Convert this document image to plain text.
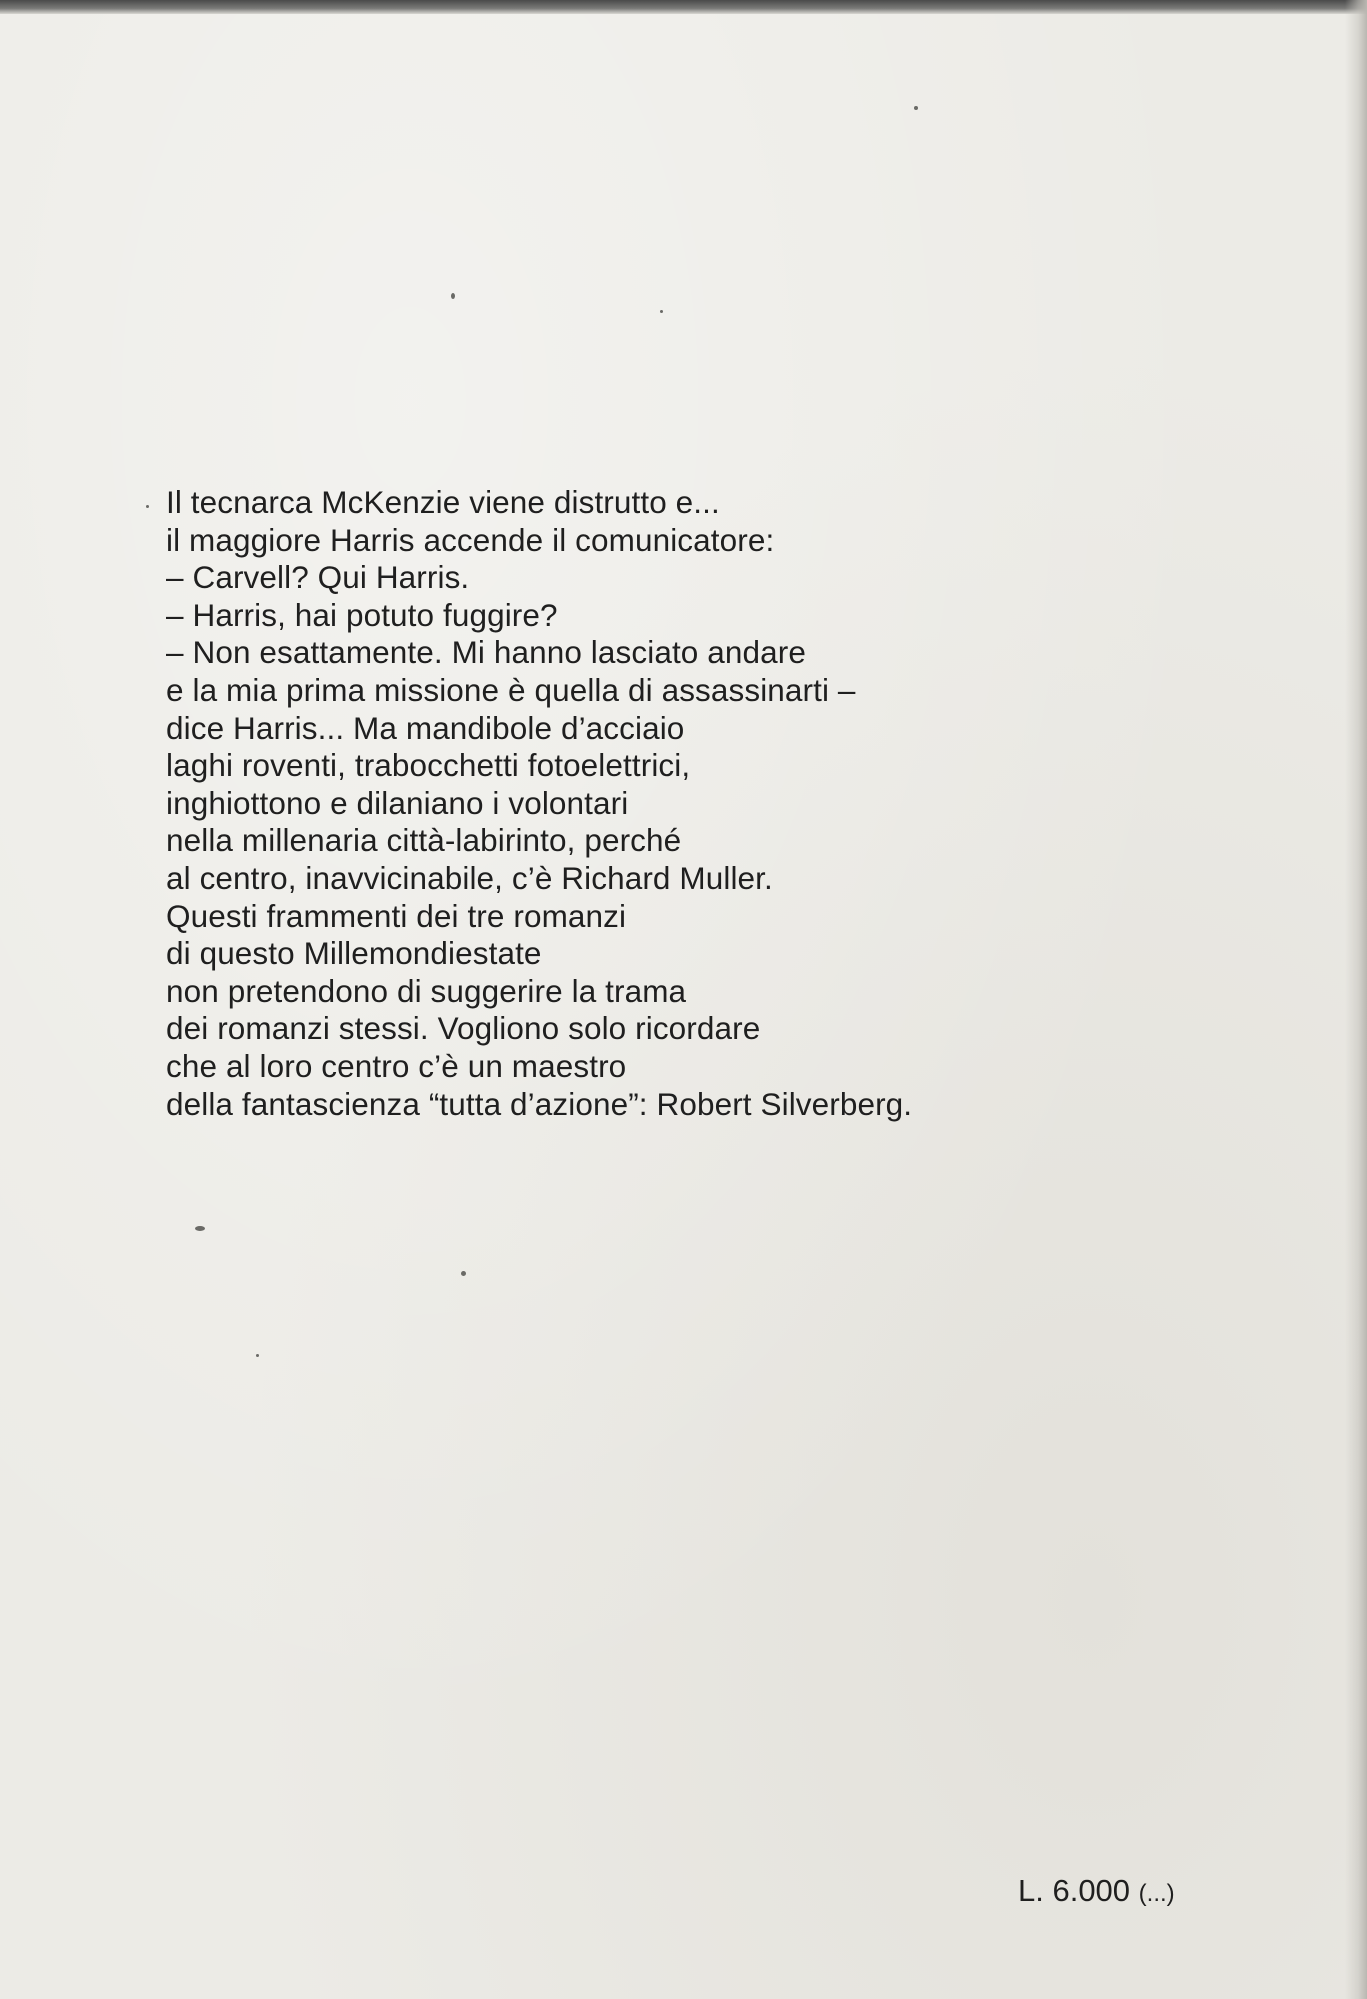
Il tecnarca McKenzie viene distrutto e...
il maggiore Harris accende il comunicatore:
– Carvell? Qui Harris.
– Harris, hai potuto fuggire?
– Non esattamente. Mi hanno lasciato andare
e la mia prima missione è quella di assassinarti –
dice Harris... Ma mandibole d’acciaio
laghi roventi, trabocchetti fotoelettrici,
inghiottono e dilaniano i volontari
nella millenaria città-labirinto, perché
al centro, inavvicinabile, c’è Richard Muller.
Questi frammenti dei tre romanzi
di questo Millemondiestate
non pretendono di suggerire la trama
dei romanzi stessi. Vogliono solo ricordare
che al loro centro c’è un maestro
della fantascienza “tutta d’azione”: Robert Silverberg.
L. 6.000 (...)
